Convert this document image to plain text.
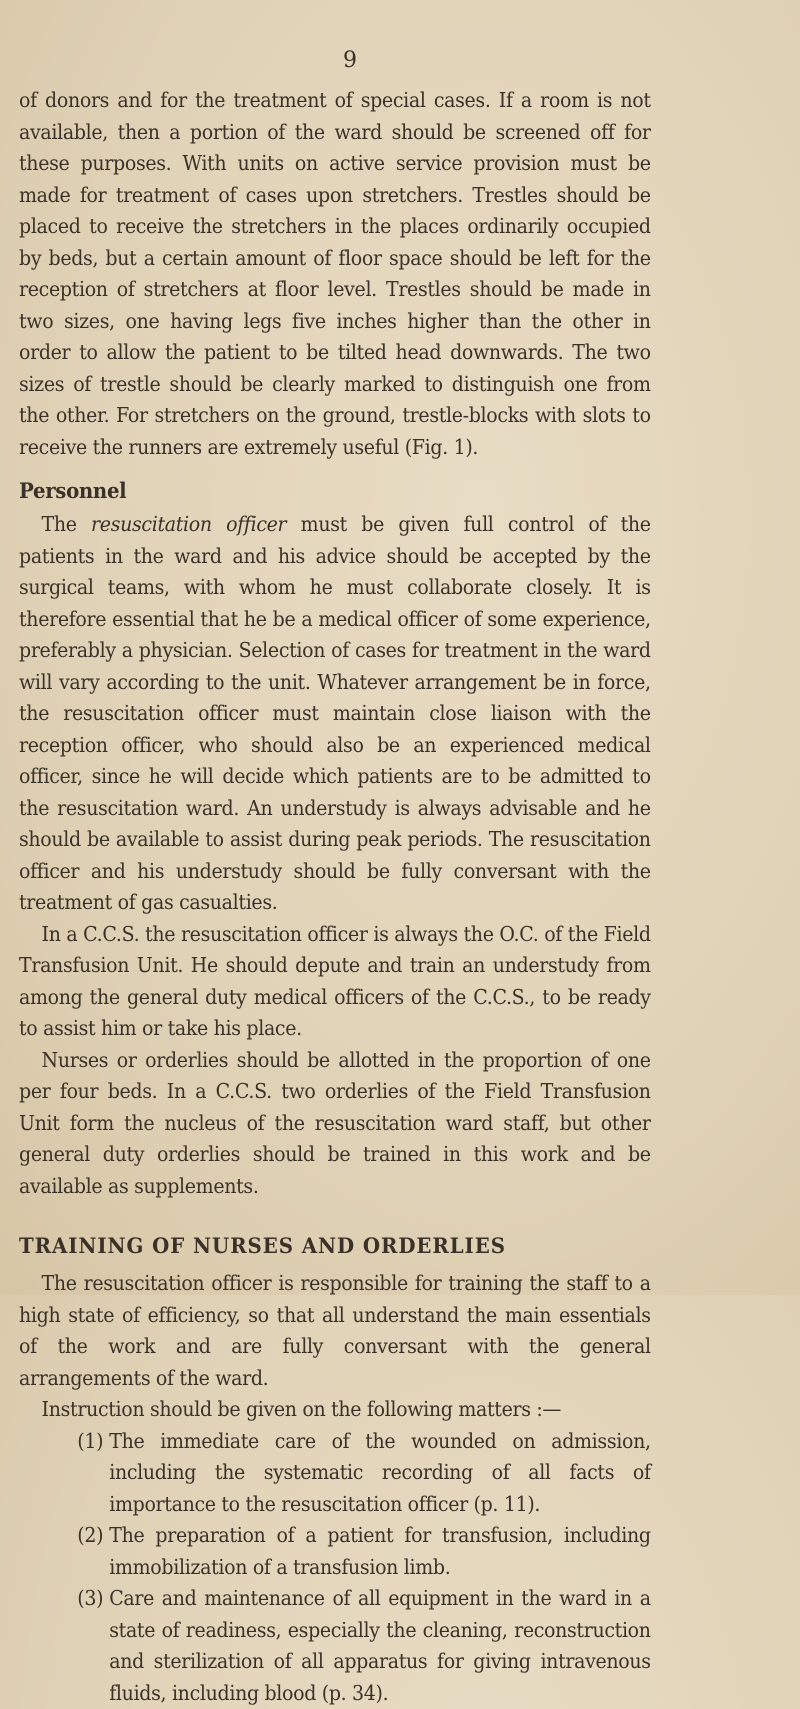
9

of donors and for the treatment of special cases. If a room is not available, then a portion of the ward should be screened off for these purposes. With units on active service provision must be made for treatment of cases upon stretchers. Trestles should be placed to receive the stretchers in the places ordinarily occupied by beds, but a certain amount of floor space should be left for the reception of stretchers at floor level. Trestles should be made in two sizes, one having legs five inches higher than the other in order to allow the patient to be tilted head downwards. The two sizes of trestle should be clearly marked to distinguish one from the other. For stretchers on the ground, trestle-blocks with slots to receive the runners are extremely useful (Fig. 1).

Personnel

The resuscitation officer must be given full control of the patients in the ward and his advice should be accepted by the surgical teams, with whom he must collaborate closely. It is therefore essential that he be a medical officer of some experience, preferably a physician. Selection of cases for treatment in the ward will vary according to the unit. Whatever arrangement be in force, the resuscitation officer must maintain close liaison with the reception officer, who should also be an experienced medical officer, since he will decide which patients are to be admitted to the resuscitation ward. An understudy is always advisable and he should be available to assist during peak periods. The resuscitation officer and his understudy should be fully conversant with the treatment of gas casualties.

In a C.C.S. the resuscitation officer is always the O.C. of the Field Transfusion Unit. He should depute and train an understudy from among the general duty medical officers of the C.C.S., to be ready to assist him or take his place.

Nurses or orderlies should be allotted in the proportion of one per four beds. In a C.C.S. two orderlies of the Field Transfusion Unit form the nucleus of the resuscitation ward staff, but other general duty orderlies should be trained in this work and be available as supplements.

TRAINING OF NURSES AND ORDERLIES

The resuscitation officer is responsible for training the staff to a high state of efficiency, so that all understand the main essentials of the work and are fully conversant with the general arrangements of the ward.

Instruction should be given on the following matters :—

(1) The immediate care of the wounded on admission, including the systematic recording of all facts of importance to the resuscitation officer (p. 11).
(2) The preparation of a patient for transfusion, including immobilization of a transfusion limb.
(3) Care and maintenance of all equipment in the ward in a state of readiness, especially the cleaning, reconstruction and sterilization of all apparatus for giving intravenous fluids, including blood (p. 34).
